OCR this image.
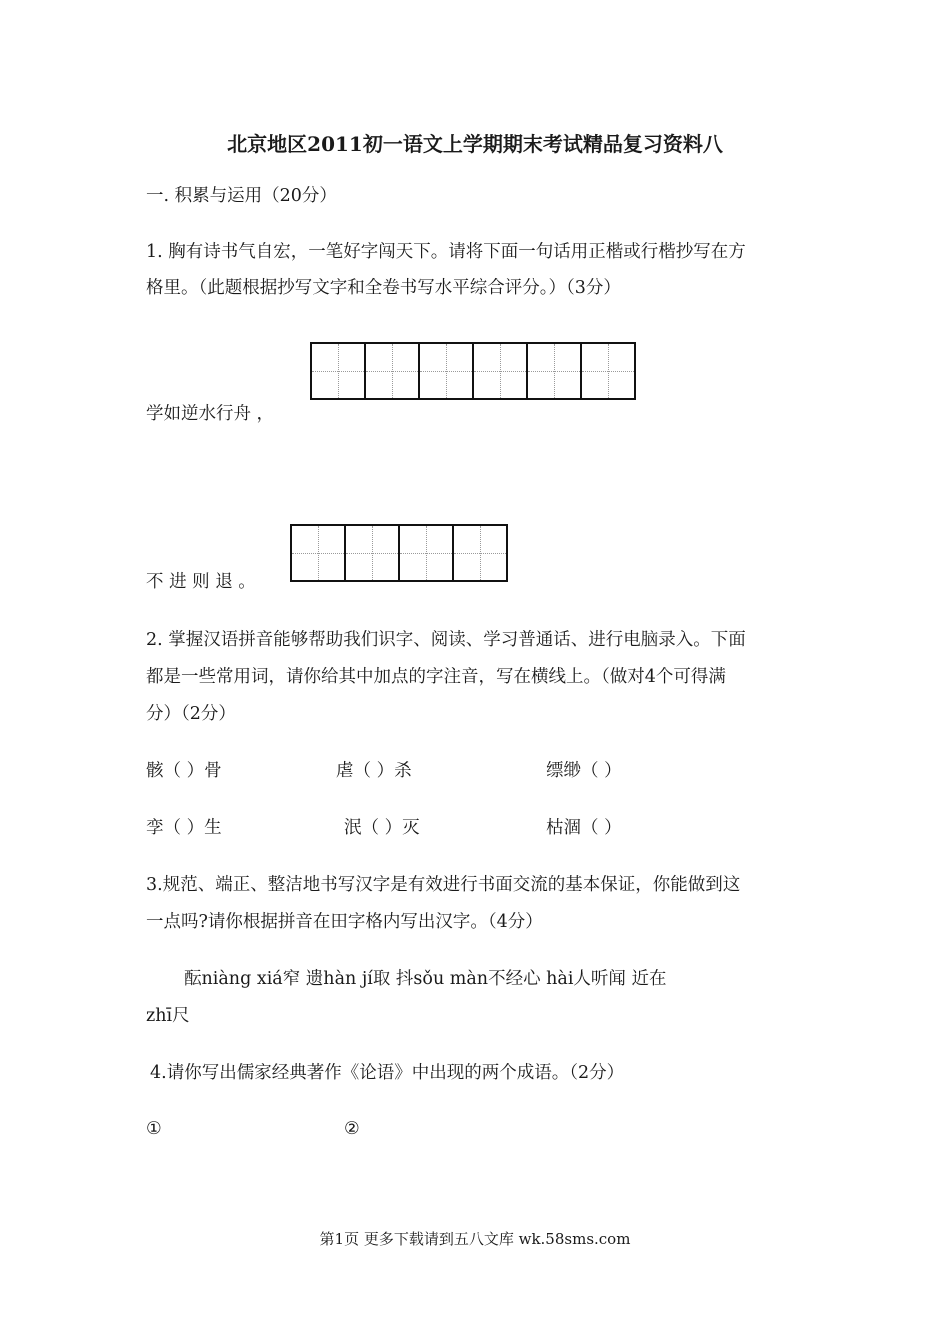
北京地区2011初一语文上学期期末考试精品复习资料八
一. 积累与运用（20分）
1. 胸有诗书气自宏，一笔好字闯天下。请将下面一句话用正楷或行楷抄写在方
格里。（此题根据抄写文字和全卷书写水平综合评分。）（3分）
学如逆水行舟 ，
不 进 则 退 。
2. 掌握汉语拼音能够帮助我们识字、阅读、学习普通话、进行电脑录入。下面
都是一些常用词，请你给其中加点的字注音，写在横线上。（做对4个可得满
分）（2分）
骸（ ）骨	虐（ ）杀	缥缈（ ）
孪（ ）生	泯（ ）灭	枯涸（ ）
3.规范、端正、整洁地书写汉字是有效进行书面交流的基本保证，你能做到这
一点吗?请你根据拼音在田字格内写出汉字。（4分）
酝niàng xiá窄 遗hàn jí取 抖sǒu màn不经心 hài人听闻 近在
zhī尺
4.请你写出儒家经典著作《论语》中出现的两个成语。（2分）
①	②
第1页 更多下载请到五八文库 wk.58sms.com
